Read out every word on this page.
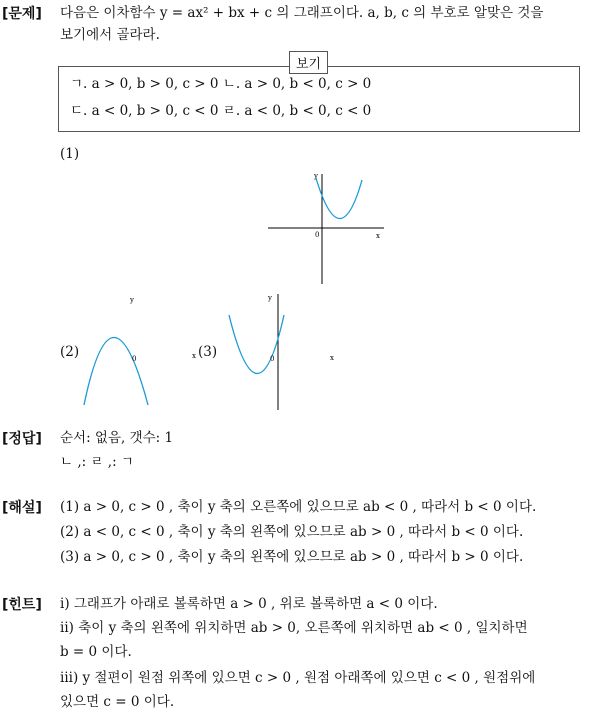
[문제] 다음은 이차함수 y = ax² + bx + c 의 그래프이다. a, b, c 의 부호로 알맞은 것을
보기에서 골라라.
보기
ㄱ. a > 0, b > 0, c > 0 ㄴ. a > 0, b < 0, c > 0
ㄷ. a < 0, b > 0, c < 0 ㄹ. a < 0, b < 0, c < 0
(1)
y
0	x
(2)
y
0	x (3)
y
0	x
[정답] 순서: 없음, 갯수: 1
ㄴ ,: ㄹ ,: ㄱ
[해설] (1) a > 0, c > 0 , 축이 y 축의 오른쪽에 있으므로 ab < 0 , 따라서 b < 0 이다.
(2) a < 0, c < 0 , 축이 y 축의 왼쪽에 있으므로 ab > 0 , 따라서 b < 0 이다.
(3) a > 0, c > 0 , 축이 y 축의 왼쪽에 있으므로 ab > 0 , 따라서 b > 0 이다.
[힌트] ⅰ) 그래프가 아래로 볼록하면 a > 0 , 위로 볼록하면 a < 0 이다.
ⅱ) 축이 y 축의 왼쪽에 위치하면 ab > 0, 오른쪽에 위치하면 ab < 0 , 일치하면
b = 0 이다.
ⅲ) y 절편이 원점 위쪽에 있으면 c > 0 , 원점 아래쪽에 있으면 c < 0 , 원점위에
있으면 c = 0 이다.
